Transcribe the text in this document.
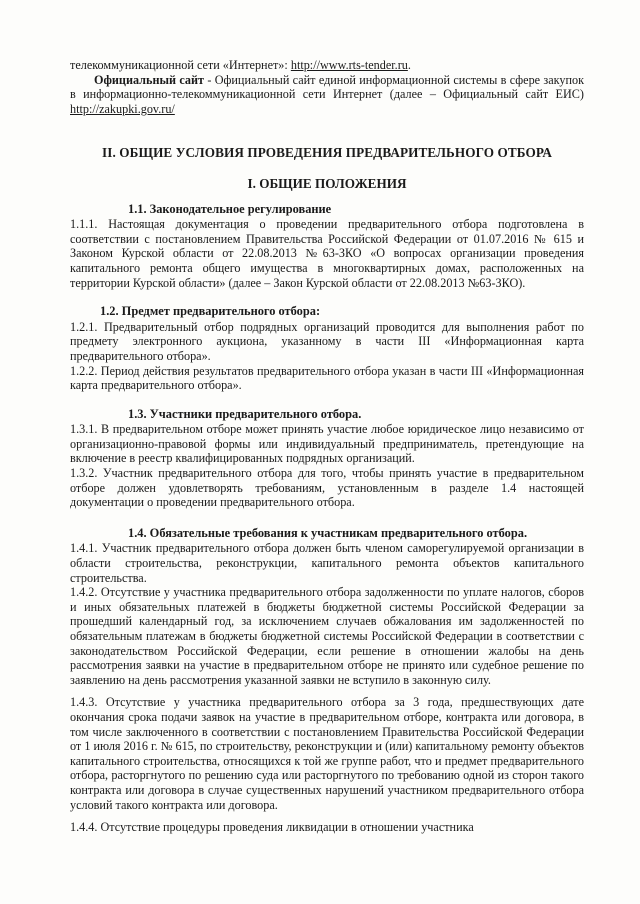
телекоммуникационной сети «Интернет»: http://www.rts-tender.ru.

Официальный сайт - Официальный сайт единой информационной системы в сфере закупок в информационно-телекоммуникационной сети Интернет (далее – Официальный сайт ЕИС) http://zakupki.gov.ru/

II. ОБЩИЕ УСЛОВИЯ ПРОВЕДЕНИЯ ПРЕДВАРИТЕЛЬНОГО ОТБОРА
I. ОБЩИЕ ПОЛОЖЕНИЯ
1.1. Законодательное регулирование

1.1.1. Настоящая документация о проведении предварительного отбора подготовлена в соответствии с постановлением Правительства Российской Федерации от 01.07.2016 № 615 и Законом Курской области от 22.08.2013 №63-ЗКО «О вопросах организации проведения капитального ремонта общего имущества в многоквартирных домах, расположенных на территории Курской области» (далее – Закон Курской области от 22.08.2013 №63-ЗКО).

1.2. Предмет предварительного отбора:

1.2.1. Предварительный отбор подрядных организаций проводится для выполнения работ по предмету электронного аукциона, указанному в части III «Информационная карта предварительного отбора».

1.2.2. Период действия результатов предварительного отбора указан в части III «Информационная карта предварительного отбора».

1.3. Участники предварительного отбора.

1.3.1. В предварительном отборе может принять участие любое юридическое лицо независимо от организационно-правовой формы или индивидуальный предприниматель, претендующие на включение в реестр квалифицированных подрядных организаций.

1.3.2. Участник предварительного отбора для того, чтобы принять участие в предварительном отборе должен удовлетворять требованиям, установленным в разделе 1.4 настоящей документации о проведении предварительного отбора.

1.4. Обязательные требования к участникам предварительного отбора.

1.4.1. Участник предварительного отбора должен быть членом саморегулируемой организации в области строительства, реконструкции, капитального ремонта объектов капитального строительства.

1.4.2. Отсутствие у участника предварительного отбора задолженности по уплате налогов, сборов и иных обязательных платежей в бюджеты бюджетной системы Российской Федерации за прошедший календарный год, за исключением случаев обжалования им задолженностей по обязательным платежам в бюджеты бюджетной системы Российской Федерации в соответствии с законодательством Российской Федерации, если решение в отношении жалобы на день рассмотрения заявки на участие в предварительном отборе не принято или судебное решение по заявлению на день рассмотрения указанной заявки не вступило в законную силу.

1.4.3. Отсутствие у участника предварительного отбора за 3 года, предшествующих дате окончания срока подачи заявок на участие в предварительном отборе, контракта или договора, в том числе заключенного в соответствии с постановлением Правительства Российской Федерации от 1 июля 2016 г. № 615, по строительству, реконструкции и (или) капитальному ремонту объектов капитального строительства, относящихся к той же группе работ, что и предмет предварительного отбора, расторгнутого по решению суда или расторгнутого по требованию одной из сторон такого контракта или договора в случае существенных нарушений участником предварительного отбора условий такого контракта или договора.

1.4.4. Отсутствие процедуры проведения ликвидации в отношении участника
